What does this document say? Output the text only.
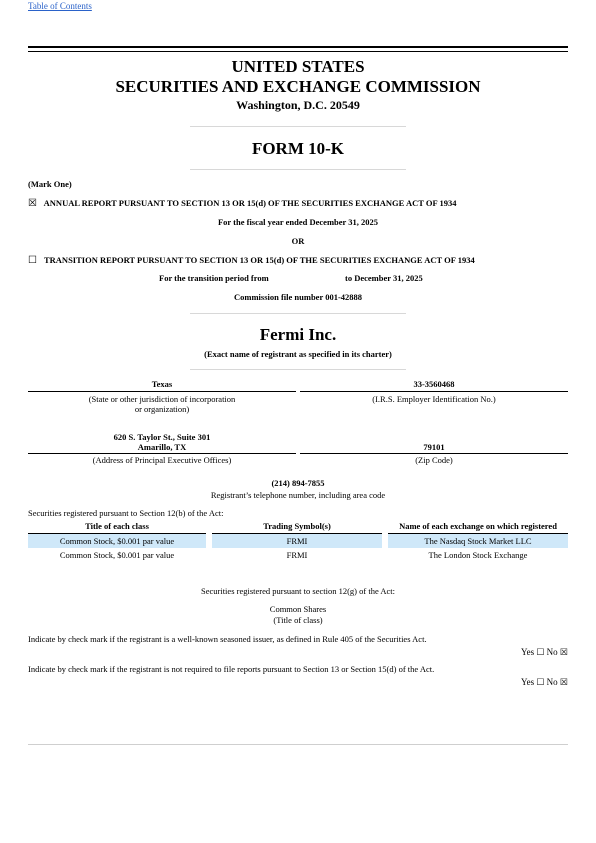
Table of Contents
UNITED STATES
SECURITIES AND EXCHANGE COMMISSION
Washington, D.C. 20549
FORM 10-K
(Mark One)
☒ ANNUAL REPORT PURSUANT TO SECTION 13 OR 15(d) OF THE SECURITIES EXCHANGE ACT OF 1934
For the fiscal year ended December 31, 2025
OR
☐ TRANSITION REPORT PURSUANT TO SECTION 13 OR 15(d) OF THE SECURITIES EXCHANGE ACT OF 1934
For the transition period from	to December 31, 2025
Commission file number 001-42888
Fermi Inc.
(Exact name of registrant as specified in its charter)
Texas	33-3560468
(State or other jurisdiction of incorporation
or organization)
(I.R.S. Employer Identification No.)
620 S. Taylor St., Suite 301
Amarillo, TX	79101
(Address of Principal Executive Offices)	(Zip Code)
(214) 894-7855
Registrant’s telephone number, including area code
Securities registered pursuant to Section 12(b) of the Act:
Title of each class		Trading Symbol(s)		Name of each exchange on which registered
Common Stock, $0.001 par value		FRMI		The Nasdaq Stock Market LLC
Common Stock, $0.001 par value		FRMI		The London Stock Exchange
Securities registered pursuant to section 12(g) of the Act:
Common Shares
(Title of class)
Indicate by check mark if the registrant is a well-known seasoned issuer, as defined in Rule 405 of the Securities Act.
Yes ☐ No ☒
Indicate by check mark if the registrant is not required to file reports pursuant to Section 13 or Section 15(d) of the Act.
Yes ☐ No ☒
